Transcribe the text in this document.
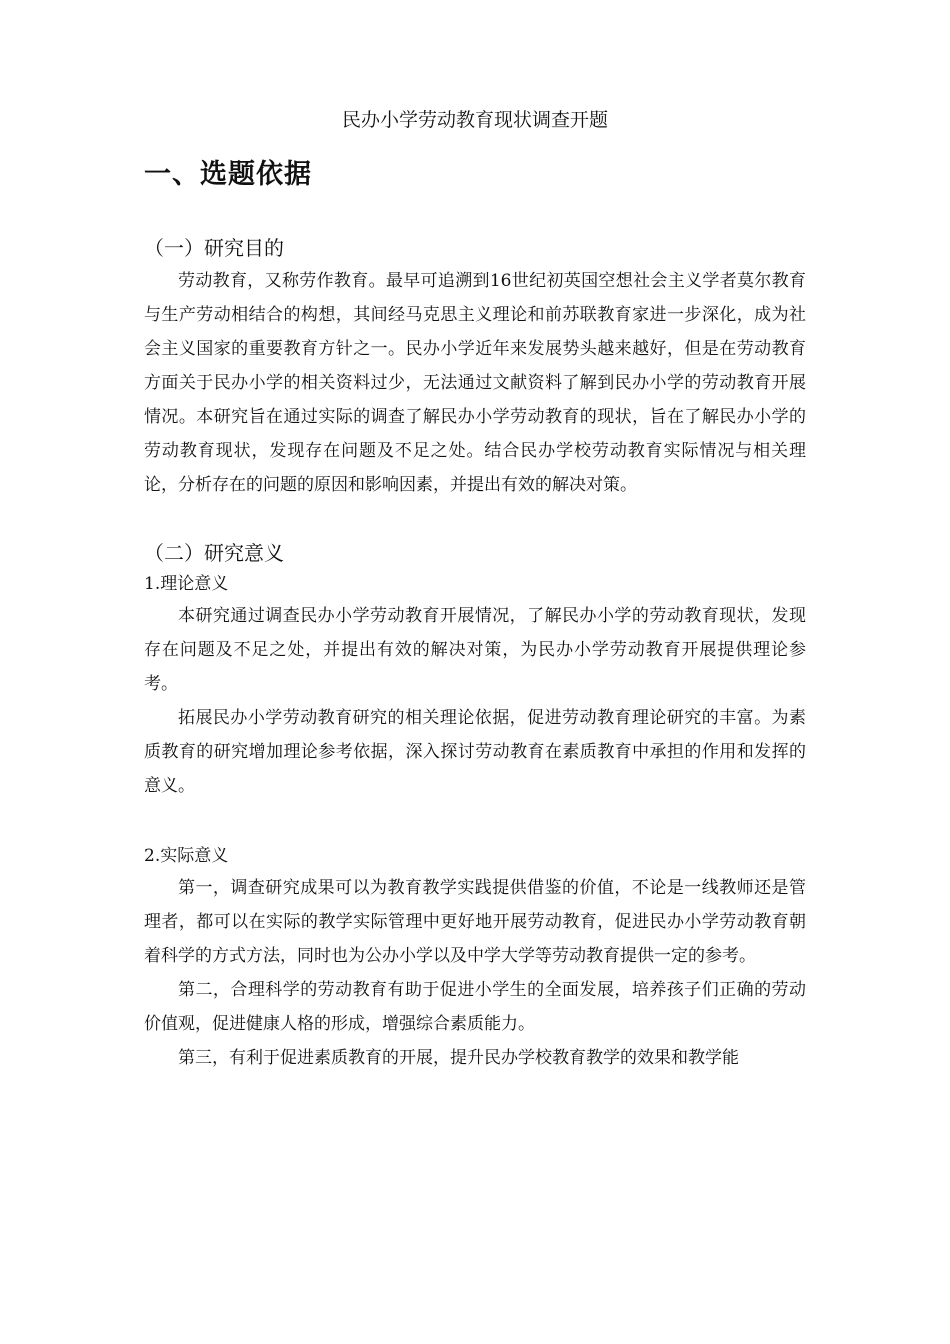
民办小学劳动教育现状调查开题
一、选题依据
（一）研究目的

劳动教育，又称劳作教育。最早可追溯到16世纪初英国空想社会主义学者莫尔教育与生产劳动相结合的构想，其间经马克思主义理论和前苏联教育家进一步深化，成为社会主义国家的重要教育方针之一。民办小学近年来发展势头越来越好，但是在劳动教育方面关于民办小学的相关资料过少，无法通过文献资料了解到民办小学的劳动教育开展情况。本研究旨在通过实际的调查了解民办小学劳动教育的现状，旨在了解民办小学的劳动教育现状，发现存在问题及不足之处。结合民办学校劳动教育实际情况与相关理论，分析存在的问题的原因和影响因素，并提出有效的解决对策。

（二）研究意义
1.理论意义

本研究通过调查民办小学劳动教育开展情况，了解民办小学的劳动教育现状，发现存在问题及不足之处，并提出有效的解决对策，为民办小学劳动教育开展提供理论参考。

拓展民办小学劳动教育研究的相关理论依据，促进劳动教育理论研究的丰富。为素质教育的研究增加理论参考依据，深入探讨劳动教育在素质教育中承担的作用和发挥的意义。

2.实际意义

第一，调查研究成果可以为教育教学实践提供借鉴的价值，不论是一线教师还是管理者，都可以在实际的教学实际管理中更好地开展劳动教育，促进民办小学劳动教育朝着科学的方式方法，同时也为公办小学以及中学大学等劳动教育提供一定的参考。

第二，合理科学的劳动教育有助于促进小学生的全面发展，培养孩子们正确的劳动价值观，促进健康人格的形成，增强综合素质能力。

第三，有利于促进素质教育的开展，提升民办学校教育教学的效果和教学能
